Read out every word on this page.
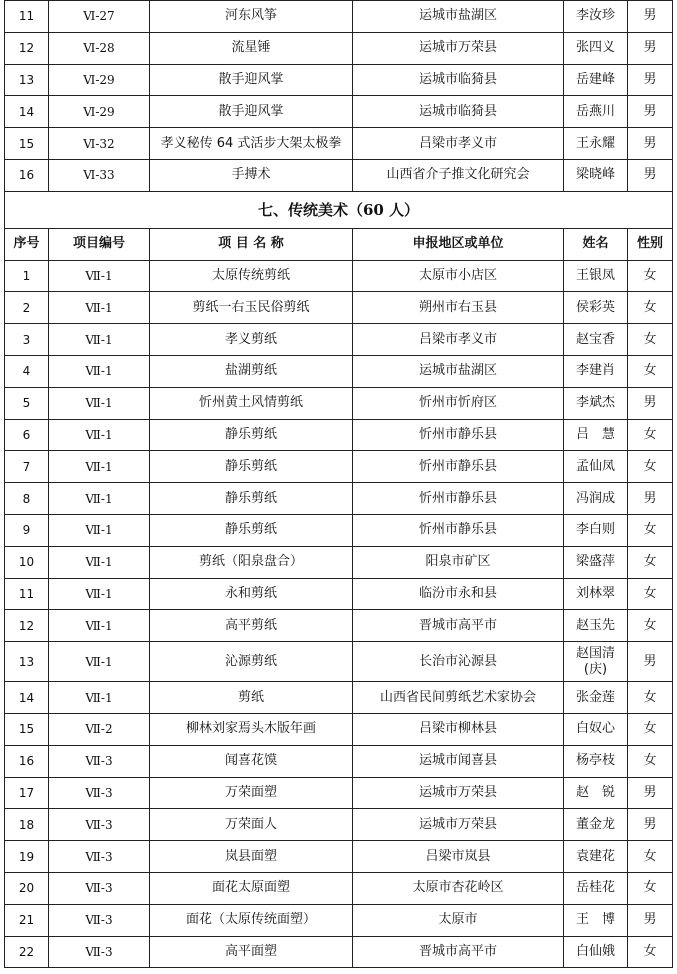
11	Ⅵ-27	河东风筝	运城市盐湖区	李汝珍	男
12	Ⅵ-28	流星锤	运城市万荣县	张四义	男
13	Ⅵ-29	散手迎风掌	运城市临猗县	岳建峰	男
14	Ⅵ-29	散手迎风掌	运城市临猗县	岳燕川	男
15	Ⅵ-32	孝义秘传 64 式活步大架太极拳	吕梁市孝义市	王永耀	男
16	Ⅵ-33	手搏术	山西省介子推文化研究会	梁晓峰	男
七、传统美术（60 人）					
序号	项目编号	项 目 名 称	申报地区或单位	姓名	性别
1	Ⅶ-1	太原传统剪纸	太原市小店区	王银凤	女
2	Ⅶ-1	剪纸一右玉民俗剪纸	朔州市右玉县	侯彩英	女
3	Ⅶ-1	孝义剪纸	吕梁市孝义市	赵宝香	女
4	Ⅶ-1	盐湖剪纸	运城市盐湖区	李建肖	女
5	Ⅶ-1	忻州黄土风情剪纸	忻州市忻府区	李斌杰	男
6	Ⅶ-1	静乐剪纸	忻州市静乐县	吕　慧	女
7	Ⅶ-1	静乐剪纸	忻州市静乐县	孟仙凤	女
8	Ⅶ-1	静乐剪纸	忻州市静乐县	冯润成	男
9	Ⅶ-1	静乐剪纸	忻州市静乐县	李白则	女
10	Ⅶ-1	剪纸（阳泉盘合）	阳泉市矿区	梁盛萍	女
11	Ⅶ-1	永和剪纸	临汾市永和县	刘林翠	女
12	Ⅶ-1	高平剪纸	晋城市高平市	赵玉先	女
13	Ⅶ-1	沁源剪纸	长治市沁源县	赵国清(庆)	男
14	Ⅶ-1	剪纸	山西省民间剪纸艺术家协会	张金莲	女
15	Ⅶ-2	柳林刘家焉头木版年画	吕梁市柳林县	白奴心	女
16	Ⅶ-3	闻喜花馍	运城市闻喜县	杨亭枝	女
17	Ⅶ-3	万荣面塑	运城市万荣县	赵　锐	男
18	Ⅶ-3	万荣面人	运城市万荣县	董金龙	男
19	Ⅶ-3	岚县面塑	吕梁市岚县	袁建花	女
20	Ⅶ-3	面花太原面塑	太原市杏花岭区	岳桂花	女
21	Ⅶ-3	面花（太原传统面塑）	太原市	王　博	男
22	Ⅶ-3	高平面塑	晋城市高平市	白仙娥	女
